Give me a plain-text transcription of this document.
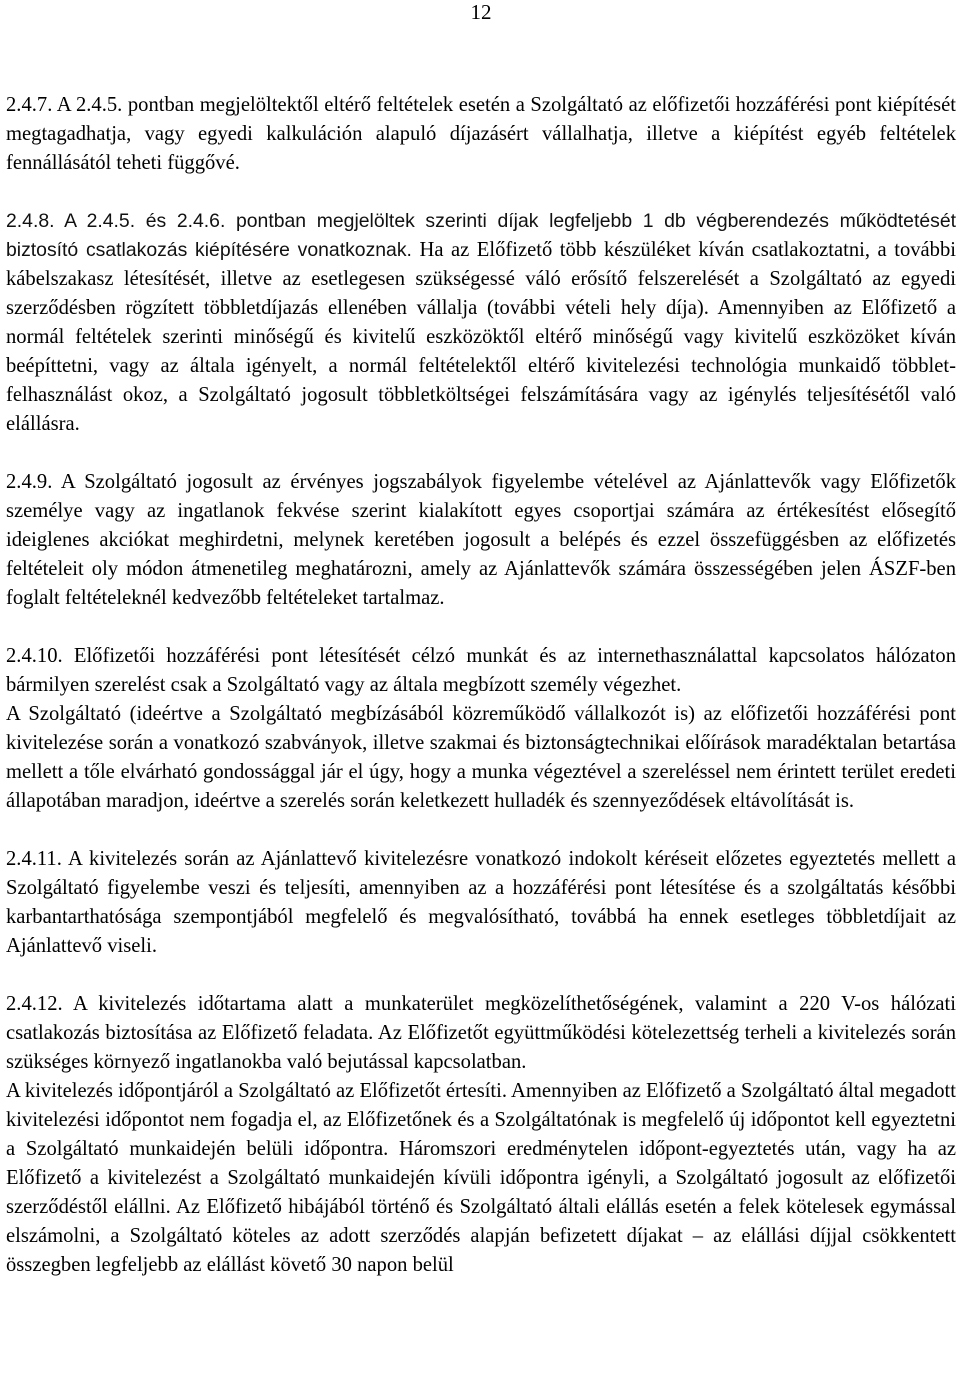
12

2.4.7. A 2.4.5. pontban megjelöltektől eltérő feltételek esetén a Szolgáltató az előfizetői hozzáférési pont kiépítését megtagadhatja, vagy egyedi kalkuláción alapuló díjazásért vállalhatja, illetve a kiépítést egyéb feltételek fennállásától teheti függővé.

2.4.8. A 2.4.5. és 2.4.6. pontban megjelöltek szerinti díjak legfeljebb 1 db végberendezés működtetését biztosító csatlakozás kiépítésére vonatkoznak. Ha az Előfizető több készüléket kíván csatlakoztatni, a további kábelszakasz létesítését, illetve az esetlegesen szükségessé váló erősítő felszerelését a Szolgáltató az egyedi szerződésben rögzített többletdíjazás ellenében vállalja (további vételi hely díja). Amennyiben az Előfizető a normál feltételek szerinti minőségű és kivitelű eszközöktől eltérő minőségű vagy kivitelű eszközöket kíván beépíttetni, vagy az általa igényelt, a normál feltételektől eltérő kivitelezési technológia munkaidő többlet-felhasználást okoz, a Szolgáltató jogosult többletköltségei felszámítására vagy az igénylés teljesítésétől való elállásra.

2.4.9. A Szolgáltató jogosult az érvényes jogszabályok figyelembe vételével az Ajánlattevők vagy Előfizetők személye vagy az ingatlanok fekvése szerint kialakított egyes csoportjai számára az értékesítést elősegítő ideiglenes akciókat meghirdetni, melynek keretében jogosult a belépés és ezzel összefüggésben az előfizetés feltételeit oly módon átmenetileg meghatározni, amely az Ajánlattevők számára összességében jelen ÁSZF-ben foglalt feltételeknél kedvezőbb feltételeket tartalmaz.

2.4.10. Előfizetői hozzáférési pont létesítését célzó munkát és az internethasználattal kapcsolatos hálózaton bármilyen szerelést csak a Szolgáltató vagy az általa megbízott személy végezhet.

A Szolgáltató (ideértve a Szolgáltató megbízásából közreműködő vállalkozót is) az előfizetői hozzáférési pont kivitelezése során a vonatkozó szabványok, illetve szakmai és biztonságtechnikai előírások maradéktalan betartása mellett a tőle elvárható gondossággal jár el úgy, hogy a munka végeztével a szereléssel nem érintett terület eredeti állapotában maradjon, ideértve a szerelés során keletkezett hulladék és szennyeződések eltávolítását is.

2.4.11. A kivitelezés során az Ajánlattevő kivitelezésre vonatkozó indokolt kéréseit előzetes egyeztetés mellett a Szolgáltató figyelembe veszi és teljesíti, amennyiben az a hozzáférési pont létesítése és a szolgáltatás későbbi karbantarthatósága szempontjából megfelelő és megvalósítható, továbbá ha ennek esetleges többletdíjait az Ajánlattevő viseli.

2.4.12. A kivitelezés időtartama alatt a munkaterület megközelíthetőségének, valamint a 220 V-os hálózati csatlakozás biztosítása az Előfizető feladata. Az Előfizetőt együttműködési kötelezettség terheli a kivitelezés során szükséges környező ingatlanokba való bejutással kapcsolatban.

A kivitelezés időpontjáról a Szolgáltató az Előfizetőt értesíti. Amennyiben az Előfizető a Szolgáltató által megadott kivitelezési időpontot nem fogadja el, az Előfizetőnek és a Szolgáltatónak is megfelelő új időpontot kell egyeztetni a Szolgáltató munkaidején belüli időpontra. Háromszori eredménytelen időpont-egyeztetés után, vagy ha az Előfizető a kivitelezést a Szolgáltató munkaidején kívüli időpontra igényli, a Szolgáltató jogosult az előfizetői szerződéstől elállni. Az Előfizető hibájából történő és Szolgáltató általi elállás esetén a felek kötelesek egymással elszámolni, a Szolgáltató köteles az adott szerződés alapján befizetett díjakat – az elállási díjjal csökkentett összegben legfeljebb az elállást követő 30 napon belül
